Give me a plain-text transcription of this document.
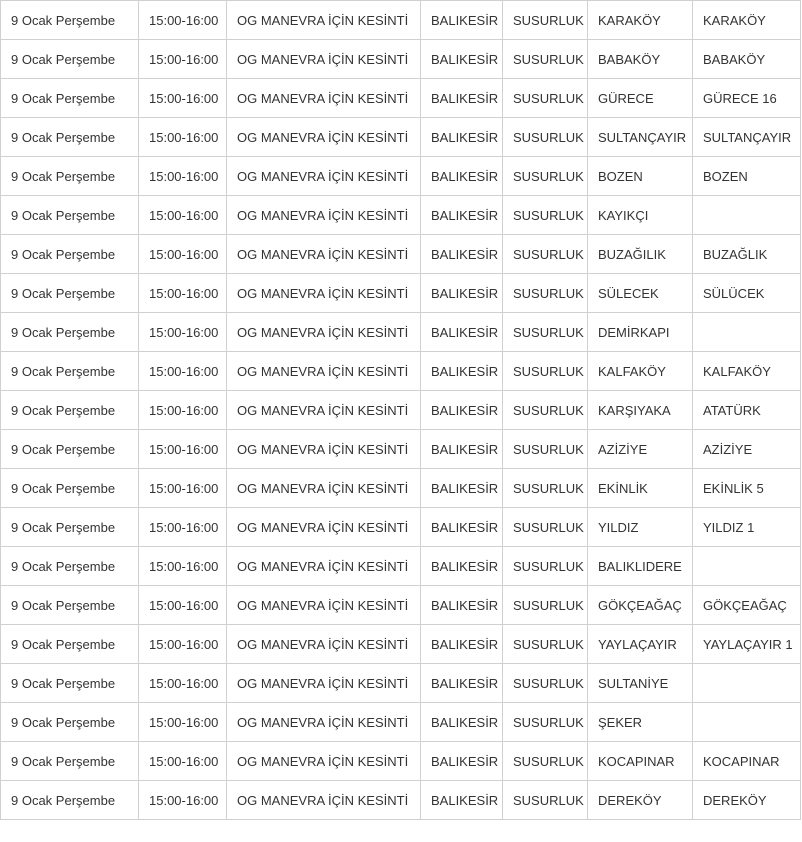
9 Ocak Perşembe	15:00-16:00	OG MANEVRA İÇİN KESİNTİ	BALIKESİR	SUSURLUK	KARAKÖY	KARAKÖY
9 Ocak Perşembe	15:00-16:00	OG MANEVRA İÇİN KESİNTİ	BALIKESİR	SUSURLUK	BABAKÖY	BABAKÖY
9 Ocak Perşembe	15:00-16:00	OG MANEVRA İÇİN KESİNTİ	BALIKESİR	SUSURLUK	GÜRECE	GÜRECE 16
9 Ocak Perşembe	15:00-16:00	OG MANEVRA İÇİN KESİNTİ	BALIKESİR	SUSURLUK	SULTANÇAYIR	SULTANÇAYIR
9 Ocak Perşembe	15:00-16:00	OG MANEVRA İÇİN KESİNTİ	BALIKESİR	SUSURLUK	BOZEN	BOZEN
9 Ocak Perşembe	15:00-16:00	OG MANEVRA İÇİN KESİNTİ	BALIKESİR	SUSURLUK	KAYIKÇI	
9 Ocak Perşembe	15:00-16:00	OG MANEVRA İÇİN KESİNTİ	BALIKESİR	SUSURLUK	BUZAĞILIK	BUZAĞLIK
9 Ocak Perşembe	15:00-16:00	OG MANEVRA İÇİN KESİNTİ	BALIKESİR	SUSURLUK	SÜLECEK	SÜLÜCEK
9 Ocak Perşembe	15:00-16:00	OG MANEVRA İÇİN KESİNTİ	BALIKESİR	SUSURLUK	DEMİRKAPI	
9 Ocak Perşembe	15:00-16:00	OG MANEVRA İÇİN KESİNTİ	BALIKESİR	SUSURLUK	KALFAKÖY	KALFAKÖY
9 Ocak Perşembe	15:00-16:00	OG MANEVRA İÇİN KESİNTİ	BALIKESİR	SUSURLUK	KARŞIYAKA	ATATÜRK
9 Ocak Perşembe	15:00-16:00	OG MANEVRA İÇİN KESİNTİ	BALIKESİR	SUSURLUK	AZİZİYE	AZİZİYE
9 Ocak Perşembe	15:00-16:00	OG MANEVRA İÇİN KESİNTİ	BALIKESİR	SUSURLUK	EKİNLİK	EKİNLİK 5
9 Ocak Perşembe	15:00-16:00	OG MANEVRA İÇİN KESİNTİ	BALIKESİR	SUSURLUK	YILDIZ	YILDIZ 1
9 Ocak Perşembe	15:00-16:00	OG MANEVRA İÇİN KESİNTİ	BALIKESİR	SUSURLUK	BALIKLIDERE	
9 Ocak Perşembe	15:00-16:00	OG MANEVRA İÇİN KESİNTİ	BALIKESİR	SUSURLUK	GÖKÇEAĞAÇ	GÖKÇEAĞAÇ
9 Ocak Perşembe	15:00-16:00	OG MANEVRA İÇİN KESİNTİ	BALIKESİR	SUSURLUK	YAYLAÇAYIR	YAYLAÇAYIR 1
9 Ocak Perşembe	15:00-16:00	OG MANEVRA İÇİN KESİNTİ	BALIKESİR	SUSURLUK	SULTANİYE	
9 Ocak Perşembe	15:00-16:00	OG MANEVRA İÇİN KESİNTİ	BALIKESİR	SUSURLUK	ŞEKER	
9 Ocak Perşembe	15:00-16:00	OG MANEVRA İÇİN KESİNTİ	BALIKESİR	SUSURLUK	KOCAPINAR	KOCAPINAR
9 Ocak Perşembe	15:00-16:00	OG MANEVRA İÇİN KESİNTİ	BALIKESİR	SUSURLUK	DEREKÖY	DEREKÖY
